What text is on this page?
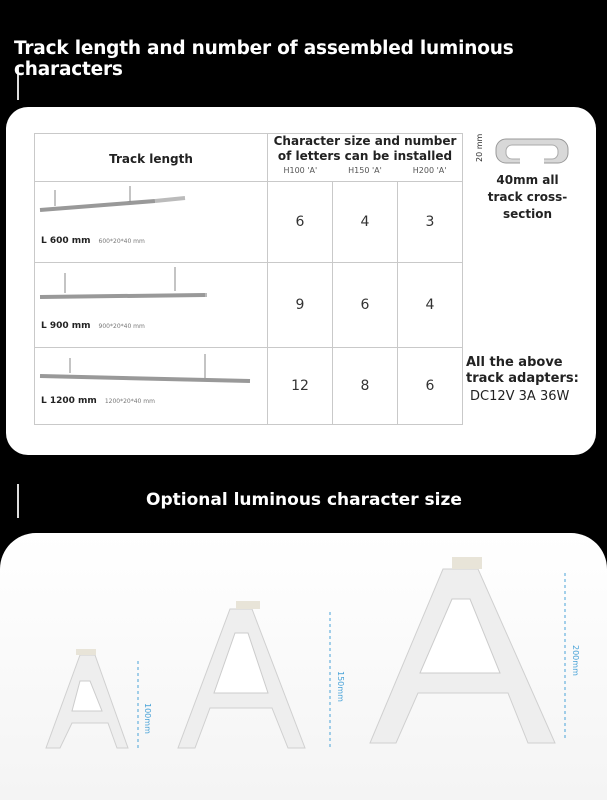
Track length and number of assembled luminous characters
Track length	Character size and number of letters can be installed
H100 'A' H150 'A' H200 'A'		

L 600 mm 600*20*40 mm	6	4	3

L 900 mm 900*20*40 mm	9	6	4

L 1200 mm 1200*20*40 mm	12	8	6
20 mm
40mm all track cross-section
All the above track adapters:
DC12V 3A 36W
Optional luminous character size
100mm
150mm
200mm
